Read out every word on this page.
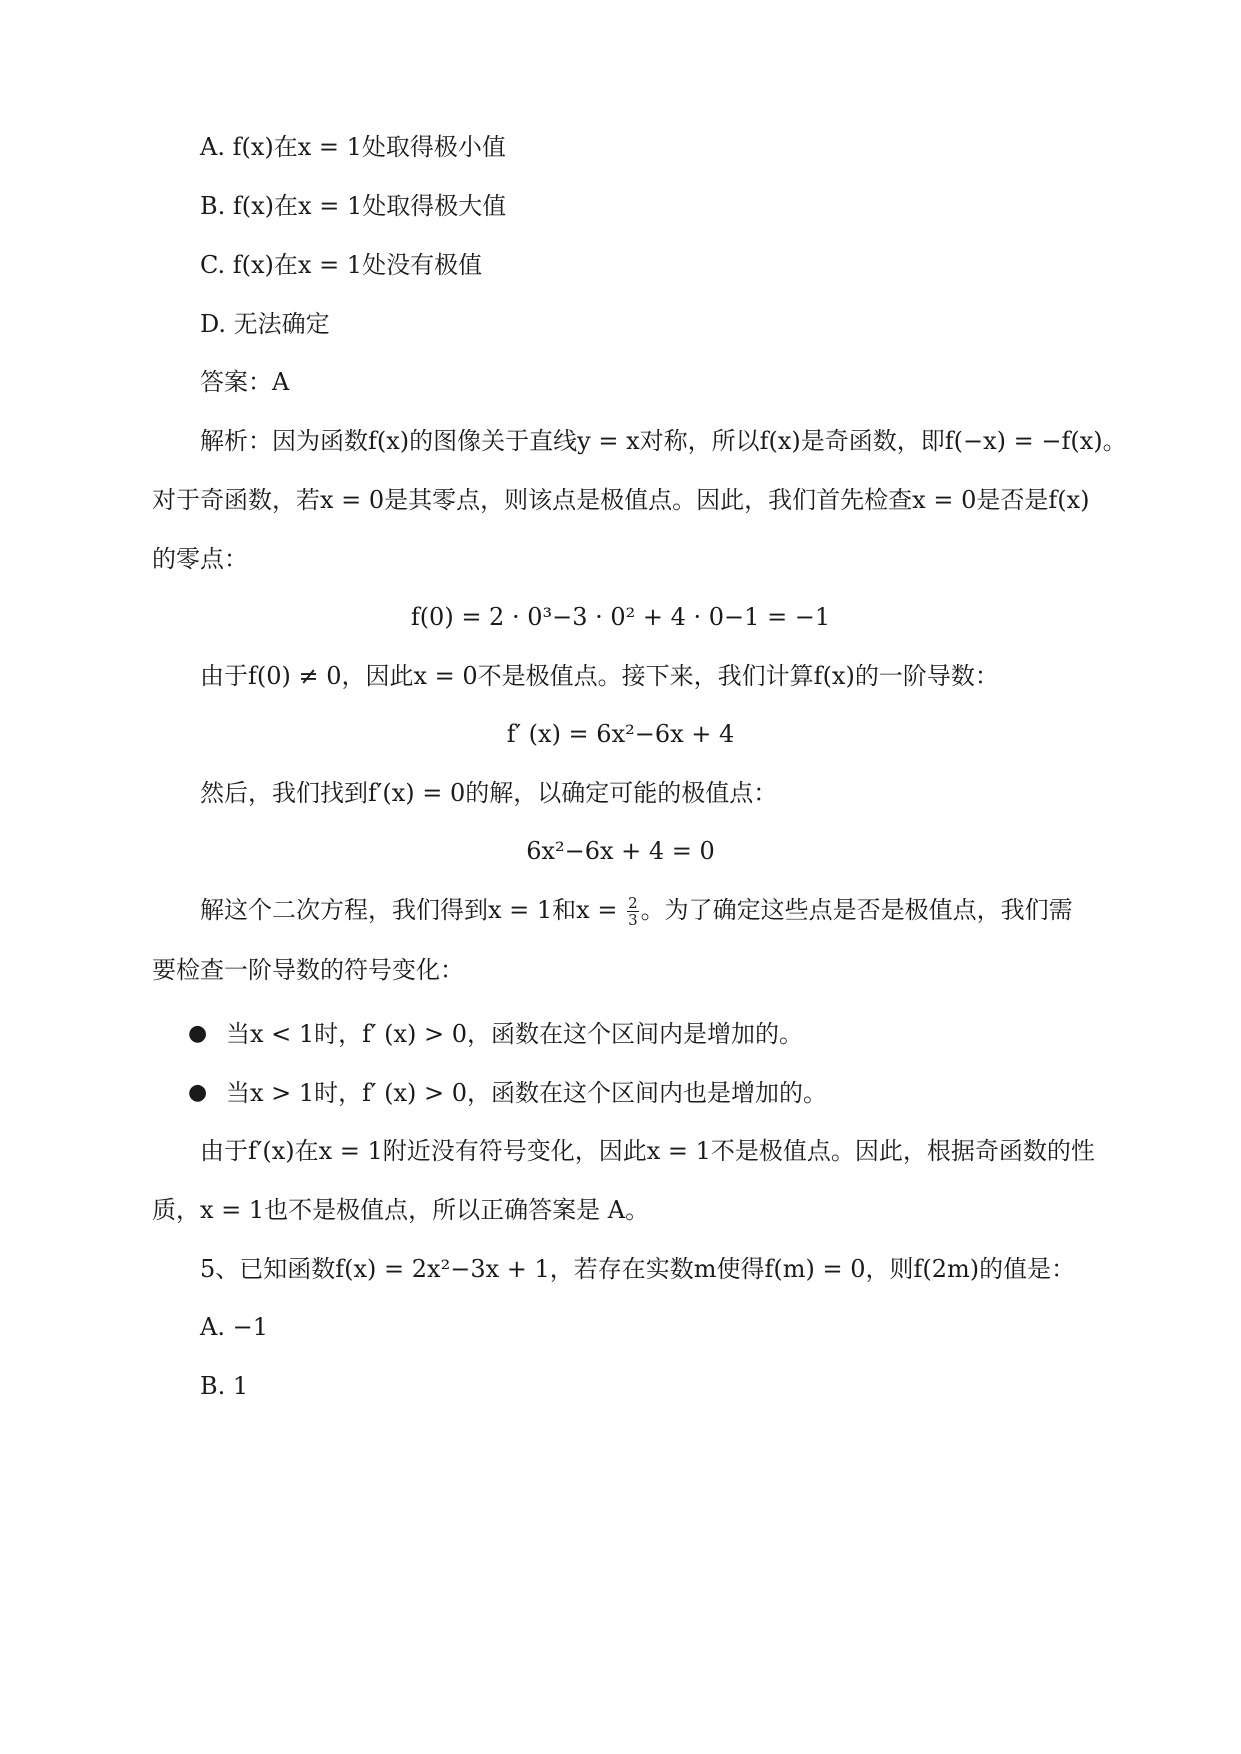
A. f(x)在x = 1处取得极小值
B. f(x)在x = 1处取得极大值
C. f(x)在x = 1处没有极值
D. 无法确定
答案：A
解析：因为函数f(x)的图像关于直线y = x对称，所以f(x)是奇函数，即f(−x) = −f(x)。
对于奇函数，若x = 0是其零点，则该点是极值点。因此，我们首先检查x = 0是否是f(x)
的零点：
f(0) = 2 · 0³−3 · 0² + 4 · 0−1 = −1
由于f(0) ≠ 0，因此x = 0不是极值点。接下来，我们计算f(x)的一阶导数：
f′ (x) = 6x²−6x + 4
然后，我们找到f′(x) = 0的解，以确定可能的极值点：
6x²−6x + 4 = 0
解这个二次方程，我们得到x = 1和$x = \frac{2}{3}$ 。为了确定这些点是否是极值点，我们需
要检查一阶导数的符号变化：
● 当x < 1时，f′ (x) > 0，函数在这个区间内是增加的。
● 当x > 1时，f′ (x) > 0，函数在这个区间内也是增加的。
由于f′(x)在x = 1附近没有符号变化，因此x = 1不是极值点。因此，根据奇函数的性
质，x = 1也不是极值点，所以正确答案是 A。
5、已知函数f(x) = 2x²−3x + 1，若存在实数m使得f(m) = 0，则f(2m)的值是：
A. −1
B. 1
